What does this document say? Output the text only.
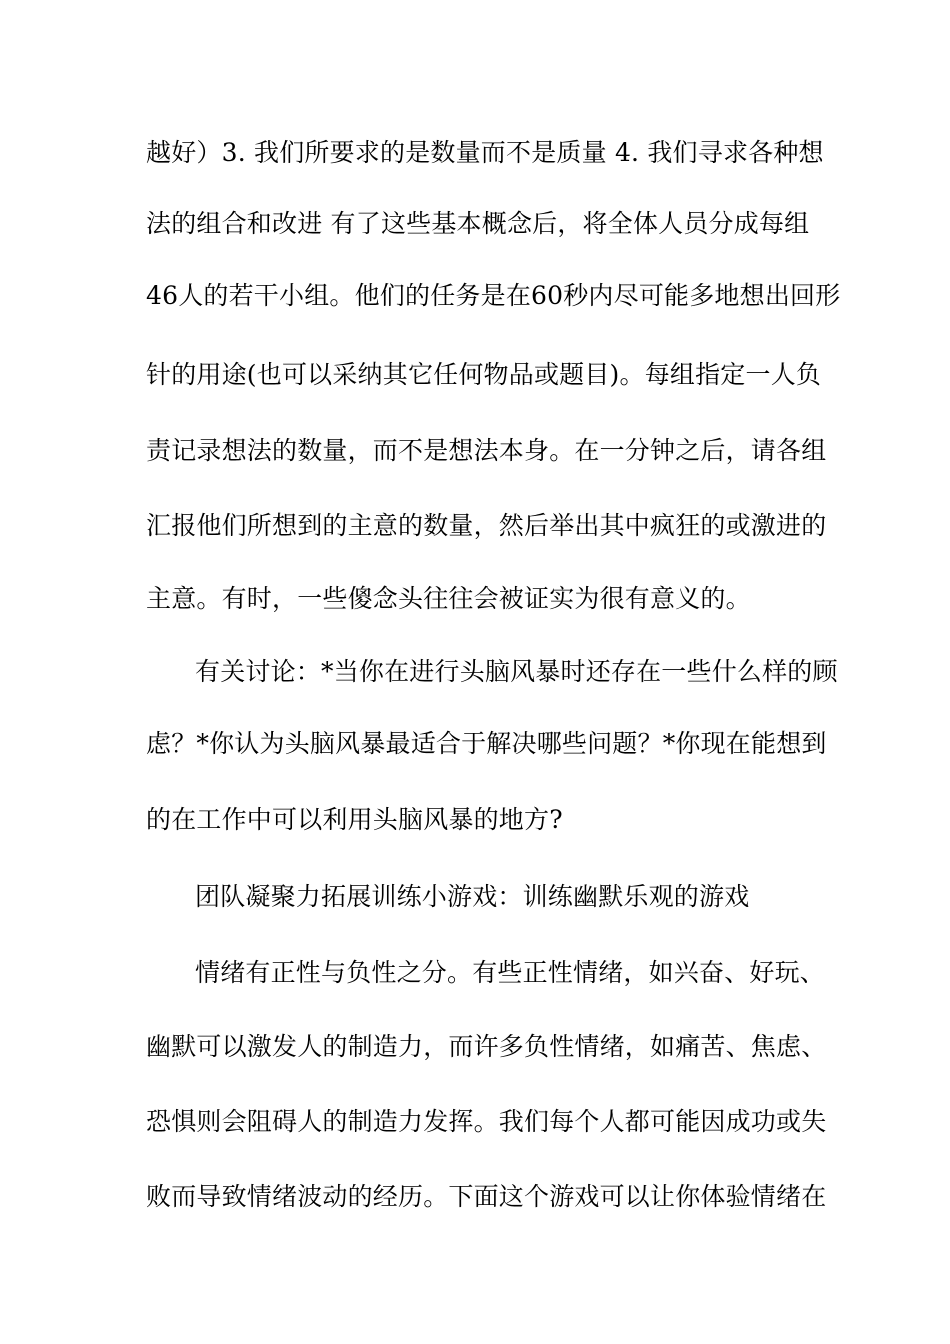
越好）3. 我们所要求的是数量而不是质量 4. 我们寻求各种想
法的组合和改进 有了这些基本概念后，将全体人员分成每组
46人的若干小组。他们的任务是在60秒内尽可能多地想出回形
针的用途(也可以采纳其它任何物品或题目)。每组指定一人负
责记录想法的数量，而不是想法本身。在一分钟之后，请各组
汇报他们所想到的主意的数量，然后举出其中疯狂的或激进的
主意。有时，一些傻念头往往会被证实为很有意义的。
有关讨论：*当你在进行头脑风暴时还存在一些什么样的顾
虑？*你认为头脑风暴最适合于解决哪些问题？*你现在能想到
的在工作中可以利用头脑风暴的地方?
团队凝聚力拓展训练小游戏：训练幽默乐观的游戏
情绪有正性与负性之分。有些正性情绪，如兴奋、好玩、
幽默可以激发人的制造力，而许多负性情绪，如痛苦、焦虑、
恐惧则会阻碍人的制造力发挥。我们每个人都可能因成功或失
败而导致情绪波动的经历。下面这个游戏可以让你体验情绪在
